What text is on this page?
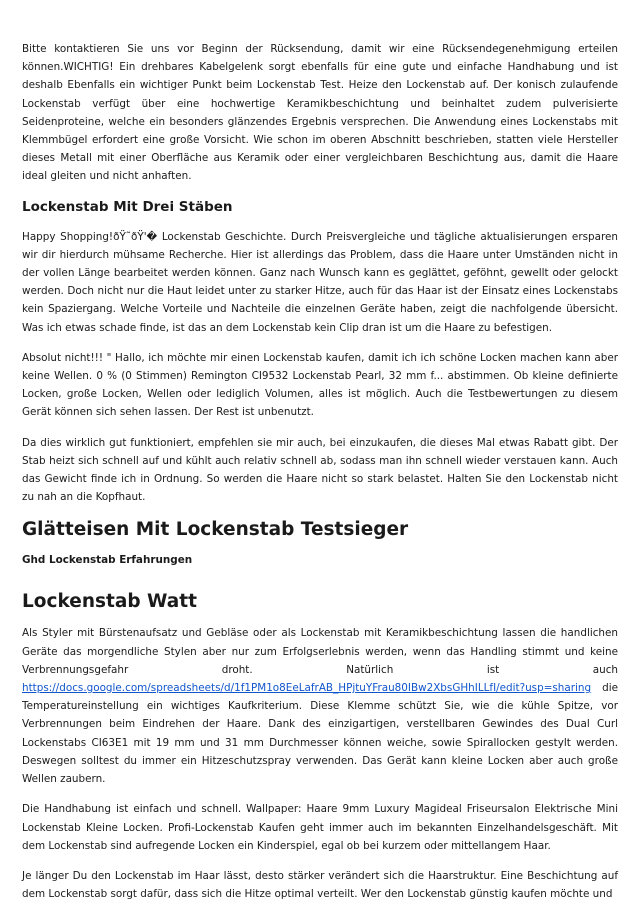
Bitte kontaktieren Sie uns vor Beginn der Rücksendung, damit wir eine Rücksendegenehmigung erteilen können.WICHTIG! Ein drehbares Kabelgelenk sorgt ebenfalls für eine gute und einfache Handhabung und ist deshalb Ebenfalls ein wichtiger Punkt beim Lockenstab Test. Heize den Lockenstab auf. Der konisch zulaufende Lockenstab verfügt über eine hochwertige Keramikbeschichtung und beinhaltet zudem pulverisierte Seidenproteine, welche ein besonders glänzendes Ergebnis versprechen. Die Anwendung eines Lockenstabs mit Klemmbügel erfordert eine große Vorsicht. Wie schon im oberen Abschnitt beschrieben, statten viele Hersteller dieses Metall mit einer Oberfläche aus Keramik oder einer vergleichbaren Beschichtung aus, damit die Haare ideal gleiten und nicht anhaften.

Lockenstab Mit Drei Stäben

Happy Shopping!ðŸ˜ðŸ'� Lockenstab Geschichte. Durch Preisvergleiche und tägliche aktualisierungen ersparen wir dir hierdurch mühsame Recherche. Hier ist allerdings das Problem, dass die Haare unter Umständen nicht in der vollen Länge bearbeitet werden können. Ganz nach Wunsch kann es geglättet, geföhnt, gewellt oder gelockt werden. Doch nicht nur die Haut leidet unter zu starker Hitze, auch für das Haar ist der Einsatz eines Lockenstabs kein Spaziergang. Welche Vorteile und Nachteile die einzelnen Geräte haben, zeigt die nachfolgende übersicht. Was ich etwas schade finde, ist das an dem Lockenstab kein Clip dran ist um die Haare zu befestigen.

Absolut nicht!!! " Hallo, ich möchte mir einen Lockenstab kaufen, damit ich ich schöne Locken machen kann aber keine Wellen. 0 % (0 Stimmen) Remington CI9532 Lockenstab Pearl, 32 mm f... abstimmen. Ob kleine definierte Locken, große Locken, Wellen oder lediglich Volumen, alles ist möglich. Auch die Testbewertungen zu diesem Gerät können sich sehen lassen. Der Rest ist unbenutzt.

Da dies wirklich gut funktioniert, empfehlen sie mir auch, bei einzukaufen, die dieses Mal etwas Rabatt gibt. Der Stab heizt sich schnell auf und kühlt auch relativ schnell ab, sodass man ihn schnell wieder verstauen kann. Auch das Gewicht finde ich in Ordnung. So werden die Haare nicht so stark belastet. Halten Sie den Lockenstab nicht zu nah an die Kopfhaut.

Glätteisen Mit Lockenstab Testsieger
Ghd Lockenstab Erfahrungen
Lockenstab Watt

Als Styler mit Bürstenaufsatz und Gebläse oder als Lockenstab mit Keramikbeschichtung lassen die handlichen Geräte das morgendliche Stylen aber nur zum Erfolgserlebnis werden, wenn das Handling stimmt und keine Verbrennungsgefahr droht. Natürlich ist auch https://docs.google.com/spreadsheets/d/1f1PM1o8EeLafrAB_HPjtuYFrau80IBw2XbsGHhILLfI/edit?usp=sharing die Temperatureinstellung ein wichtiges Kaufkriterium. Diese Klemme schützt Sie, wie die kühle Spitze, vor Verbrennungen beim Eindrehen der Haare. Dank des einzigartigen, verstellbaren Gewindes des Dual Curl Lockenstabs CI63E1 mit 19 mm und 31 mm Durchmesser können weiche, sowie Spirallocken gestylt werden. Deswegen solltest du immer ein Hitzeschutzspray verwenden. Das Gerät kann kleine Locken aber auch große Wellen zaubern.

Die Handhabung ist einfach und schnell. Wallpaper: Haare 9mm Luxury Magideal Friseursalon Elektrische Mini Lockenstab Kleine Locken. Profi-Lockenstab Kaufen geht immer auch im bekannten Einzelhandelsgeschäft. Mit dem Lockenstab sind aufregende Locken ein Kinderspiel, egal ob bei kurzem oder mittellangem Haar.

Je länger Du den Lockenstab im Haar lässt, desto stärker verändert sich die Haarstruktur. Eine Beschichtung auf dem Lockenstab sorgt dafür, dass sich die Hitze optimal verteilt. Wer den Lockenstab günstig kaufen möchte und
